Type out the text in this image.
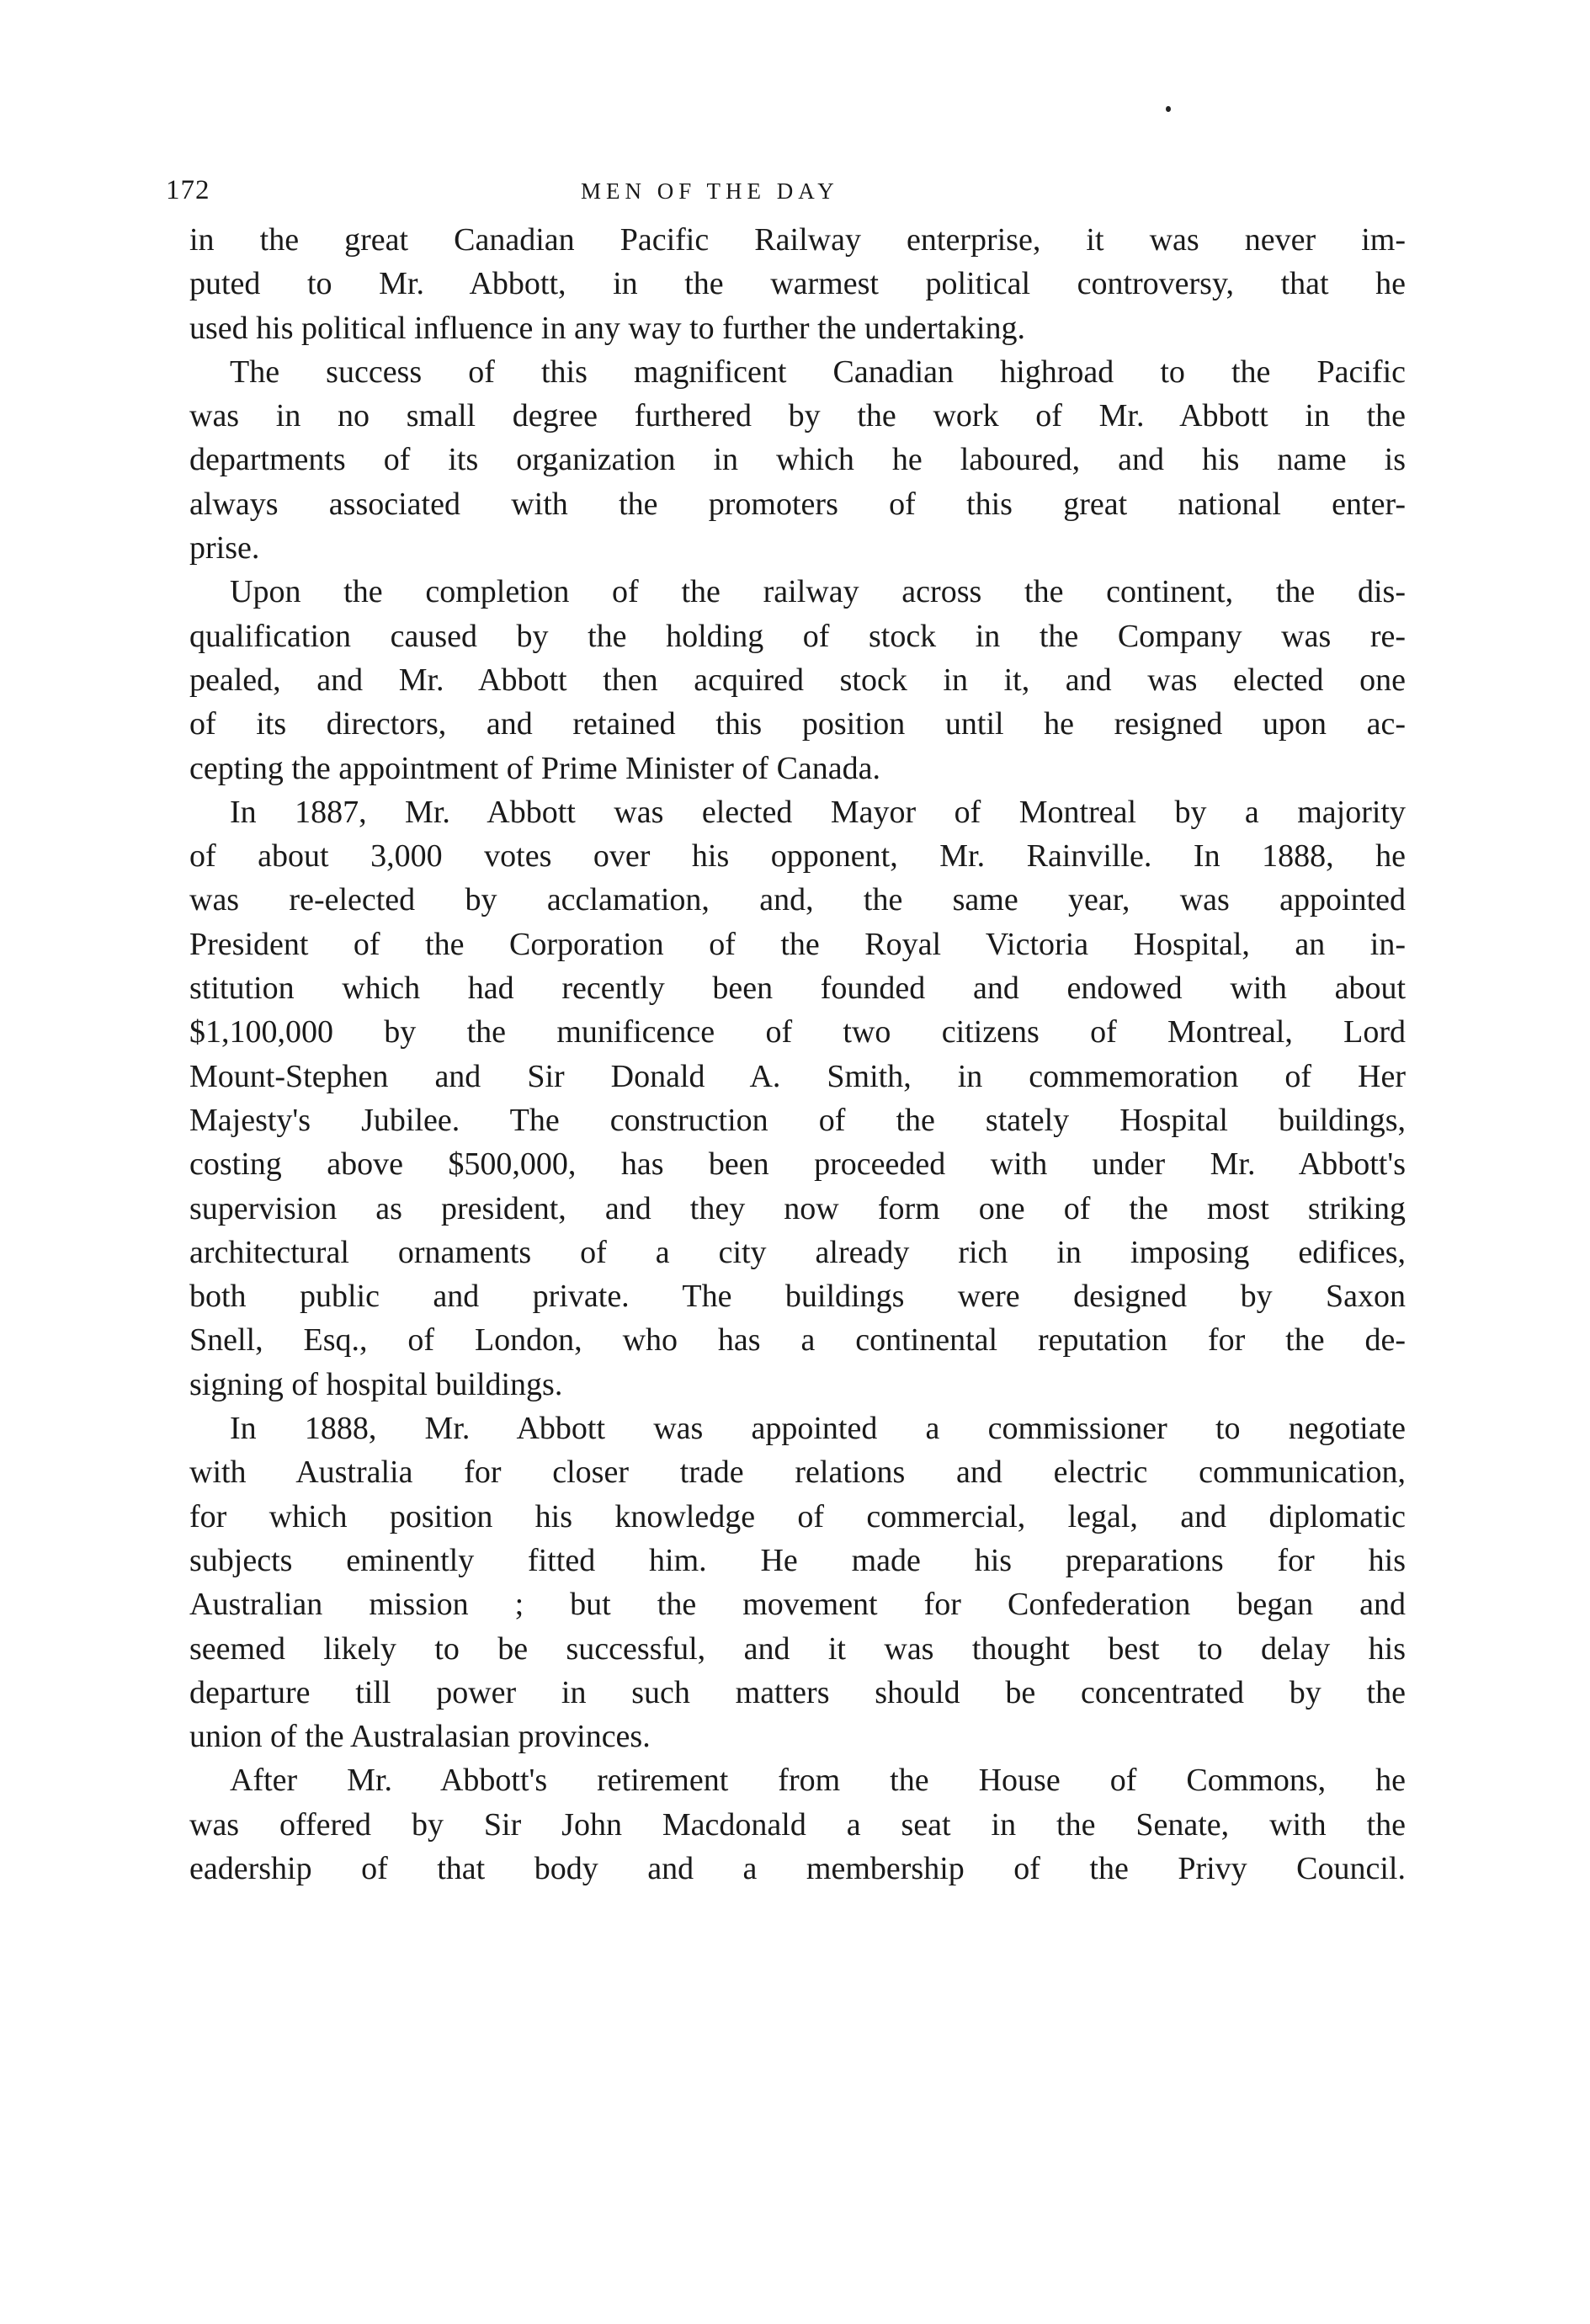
172	MEN OF THE DAY
in the great Canadian Pacific Railway enterprise, it was never im-
puted to Mr. Abbott, in the warmest political controversy, that he
used his political influence in any way to further the undertaking.
The success of this magnificent Canadian highroad to the Pacific
was in no small degree furthered by the work of Mr. Abbott in the
departments of its organization in which he laboured, and his name is
always associated with the promoters of this great national enter-
prise.
Upon the completion of the railway across the continent, the dis-
qualification caused by the holding of stock in the Company was re-
pealed, and Mr. Abbott then acquired stock in it, and was elected one
of its directors, and retained this position until he resigned upon ac-
cepting the appointment of Prime Minister of Canada.
In 1887, Mr. Abbott was elected Mayor of Montreal by a majority
of about 3,000 votes over his opponent, Mr. Rainville. In 1888, he
was re-elected by acclamation, and, the same year, was appointed
President of the Corporation of the Royal Victoria Hospital, an in-
stitution which had recently been founded and endowed with about
$1,100,000 by the munificence of two citizens of Montreal, Lord
Mount-Stephen and Sir Donald A. Smith, in commemoration of Her
Majesty's Jubilee. The construction of the stately Hospital buildings,
costing above $500,000, has been proceeded with under Mr. Abbott's
supervision as president, and they now form one of the most striking
architectural ornaments of a city already rich in imposing edifices,
both public and private. The buildings were designed by Saxon
Snell, Esq., of London, who has a continental reputation for the de-
signing of hospital buildings.
In 1888, Mr. Abbott was appointed a commissioner to negotiate
with Australia for closer trade relations and electric communication,
for which position his knowledge of commercial, legal, and diplomatic
subjects eminently fitted him. He made his preparations for his
Australian mission ; but the movement for Confederation began and
seemed likely to be successful, and it was thought best to delay his
departure till power in such matters should be concentrated by the
union of the Australasian provinces.
After Mr. Abbott's retirement from the House of Commons, he
was offered by Sir John Macdonald a seat in the Senate, with the
eadership of that body and a membership of the Privy Council.
